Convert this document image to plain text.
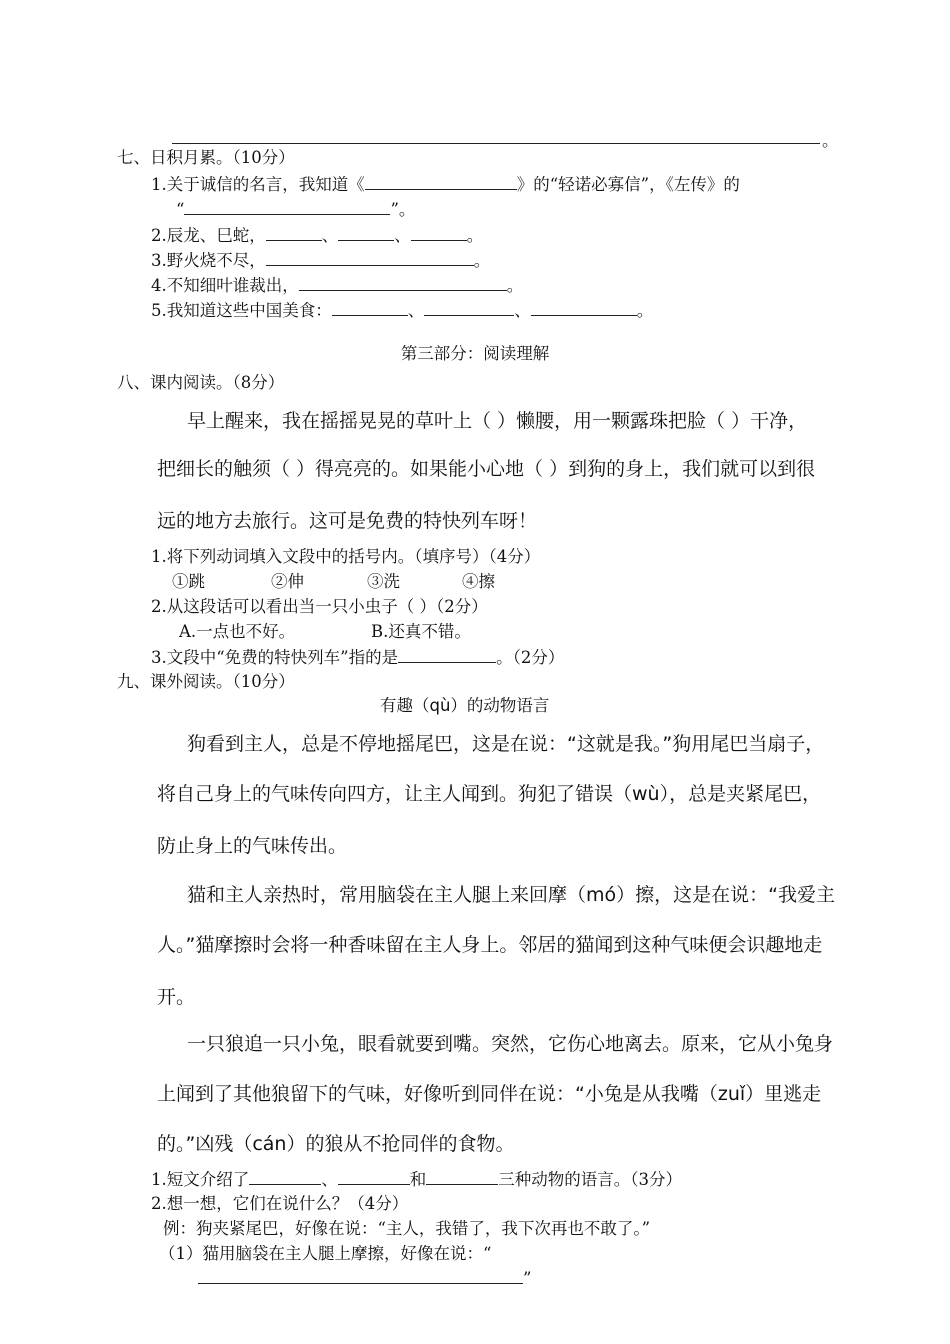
。
七、日积月累。（10分）
1.关于诚信的名言，我知道《	》的“轻诺必寡信”，《左传》的
“	”。
2.辰龙、巳蛇，	、	、	。
3.野火烧不尽，	。
4.不知细叶谁裁出，	。
5.我知道这些中国美食：	、	、	。
第三部分：阅读理解
八、课内阅读。（8分）
早上醒来，我在摇摇晃晃的草叶上（ ）懒腰，用一颗露珠把脸（ ）干净，
把细长的触须（ ）得亮亮的。如果能小心地（ ）到狗的身上，我们就可以到很
远的地方去旅行。这可是免费的特快列车呀！
1.将下列动词填入文段中的括号内。（填序号）（4分）
①跳	②伸	③洗	④擦
2.从这段话可以看出当一只小虫子（ ）（2分）
A.一点也不好。	B.还真不错。
3.文段中“免费的特快列车”指的是	。（2分）
九、课外阅读。（10分）
有趣（qù）的动物语言
狗看到主人，总是不停地摇尾巴，这是在说：“这就是我。”狗用尾巴当扇子，
将自己身上的气味传向四方，让主人闻到。狗犯了错误（wù），总是夹紧尾巴，
防止身上的气味传出。
猫和主人亲热时，常用脑袋在主人腿上来回摩（mó）擦，这是在说：“我爱主
人。”猫摩擦时会将一种香味留在主人身上。邻居的猫闻到这种气味便会识趣地走
开。
一只狼追一只小兔，眼看就要到嘴。突然，它伤心地离去。原来，它从小兔身
上闻到了其他狼留下的气味，好像听到同伴在说：“小兔是从我嘴（zuǐ）里逃走
的。”凶残（cán）的狼从不抢同伴的食物。
1.短文介绍了	、	和	三种动物的语言。（3分）
2.想一想，它们在说什么？（4分）
例：狗夹紧尾巴，好像在说：“主人，我错了，我下次再也不敢了。”
（1）猫用脑袋在主人腿上摩擦，好像在说：“
”
